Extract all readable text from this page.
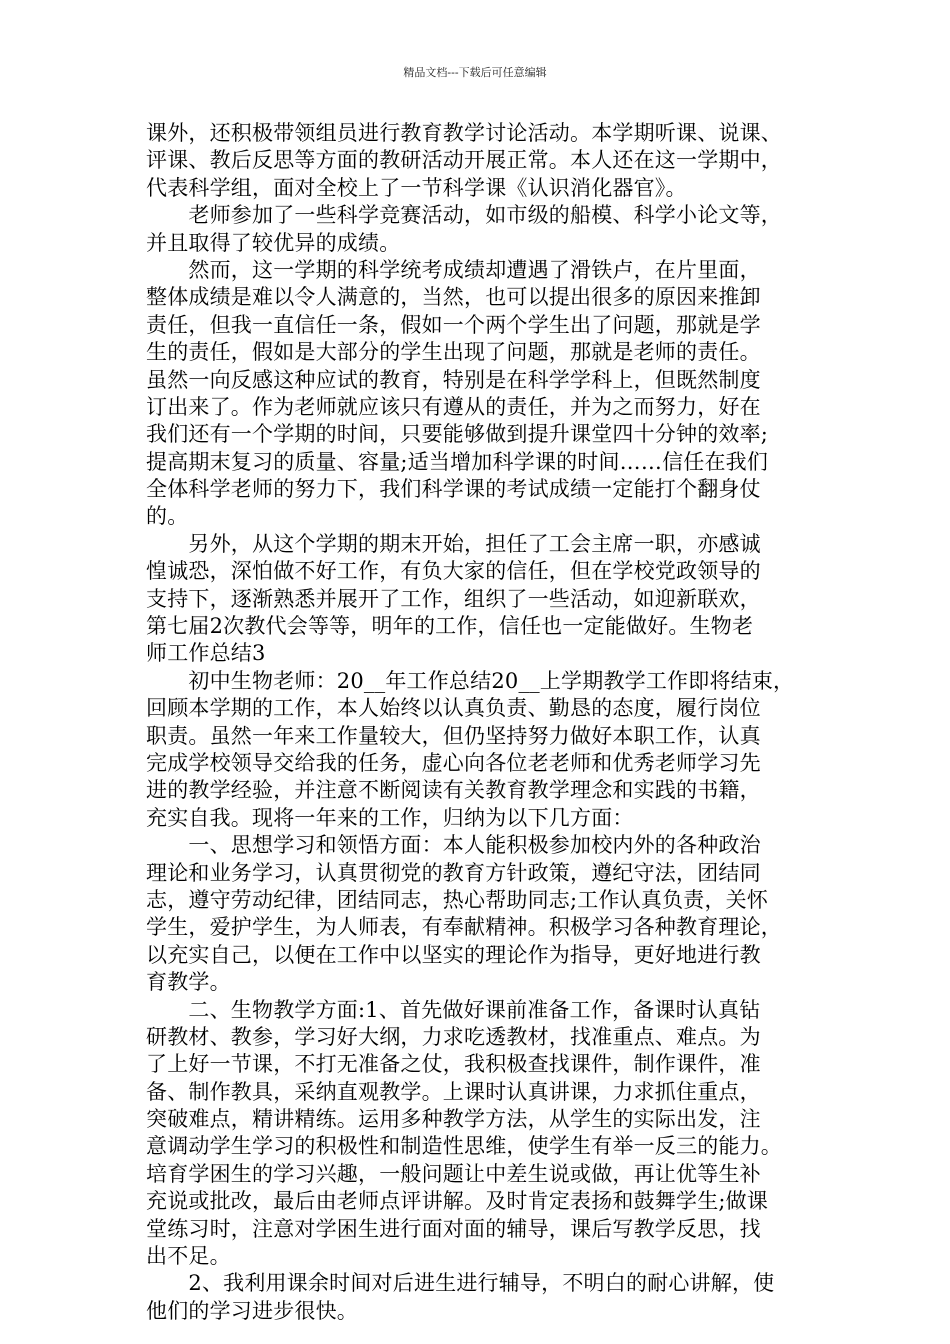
精品文档---下载后可任意编辑
课外，还积极带领组员进行教育教学讨论活动。本学期听课、说课、
评课、教后反思等方面的教研活动开展正常。本人还在这一学期中，
代表科学组，面对全校上了一节科学课《认识消化器官》。
　　老师参加了一些科学竞赛活动，如市级的船模、科学小论文等，
并且取得了较优异的成绩。
　　然而，这一学期的科学统考成绩却遭遇了滑铁卢，在片里面，
整体成绩是难以令人满意的，当然，也可以提出很多的原因来推卸
责任，但我一直信任一条，假如一个两个学生出了问题，那就是学
生的责任，假如是大部分的学生出现了问题，那就是老师的责任。
虽然一向反感这种应试的教育，特别是在科学学科上，但既然制度
订出来了。作为老师就应该只有遵从的责任，并为之而努力，好在
我们还有一个学期的时间，只要能够做到提升课堂四十分钟的效率;
提高期末复习的质量、容量;适当增加科学课的时间……信任在我们
全体科学老师的努力下，我们科学课的考试成绩一定能打个翻身仗
的。
　　另外，从这个学期的期末开始，担任了工会主席一职，亦感诚
惶诚恐，深怕做不好工作，有负大家的信任，但在学校党政领导的
支持下，逐渐熟悉并展开了工作，组织了一些活动，如迎新联欢，
第七届2次教代会等等，明年的工作，信任也一定能做好。生物老
师工作总结3
　　初中生物老师：20__年工作总结20__上学期教学工作即将结束，
回顾本学期的工作，本人始终以认真负责、勤恳的态度，履行岗位
职责。虽然一年来工作量较大，但仍坚持努力做好本职工作，认真
完成学校领导交给我的任务，虚心向各位老老师和优秀老师学习先
进的教学经验，并注意不断阅读有关教育教学理念和实践的书籍，
充实自我。现将一年来的工作，归纳为以下几方面：
　　一、思想学习和领悟方面：本人能积极参加校内外的各种政治
理论和业务学习，认真贯彻党的教育方针政策，遵纪守法，团结同
志，遵守劳动纪律，团结同志，热心帮助同志;工作认真负责，关怀
学生，爱护学生，为人师表，有奉献精神。积极学习各种教育理论，
以充实自己，以便在工作中以坚实的理论作为指导，更好地进行教
育教学。
　　二、生物教学方面:1、首先做好课前准备工作，备课时认真钻
研教材、教参，学习好大纲，力求吃透教材，找准重点、难点。为
了上好一节课，不打无准备之仗，我积极查找课件，制作课件，准
备、制作教具，采纳直观教学。上课时认真讲课，力求抓住重点，
突破难点，精讲精练。运用多种教学方法，从学生的实际出发，注
意调动学生学习的积极性和制造性思维，使学生有举一反三的能力。
培育学困生的学习兴趣，一般问题让中差生说或做，再让优等生补
充说或批改，最后由老师点评讲解。及时肯定表扬和鼓舞学生;做课
堂练习时，注意对学困生进行面对面的辅导，课后写教学反思，找
出不足。
　　2、我利用课余时间对后进生进行辅导，不明白的耐心讲解，使
他们的学习进步很快。
